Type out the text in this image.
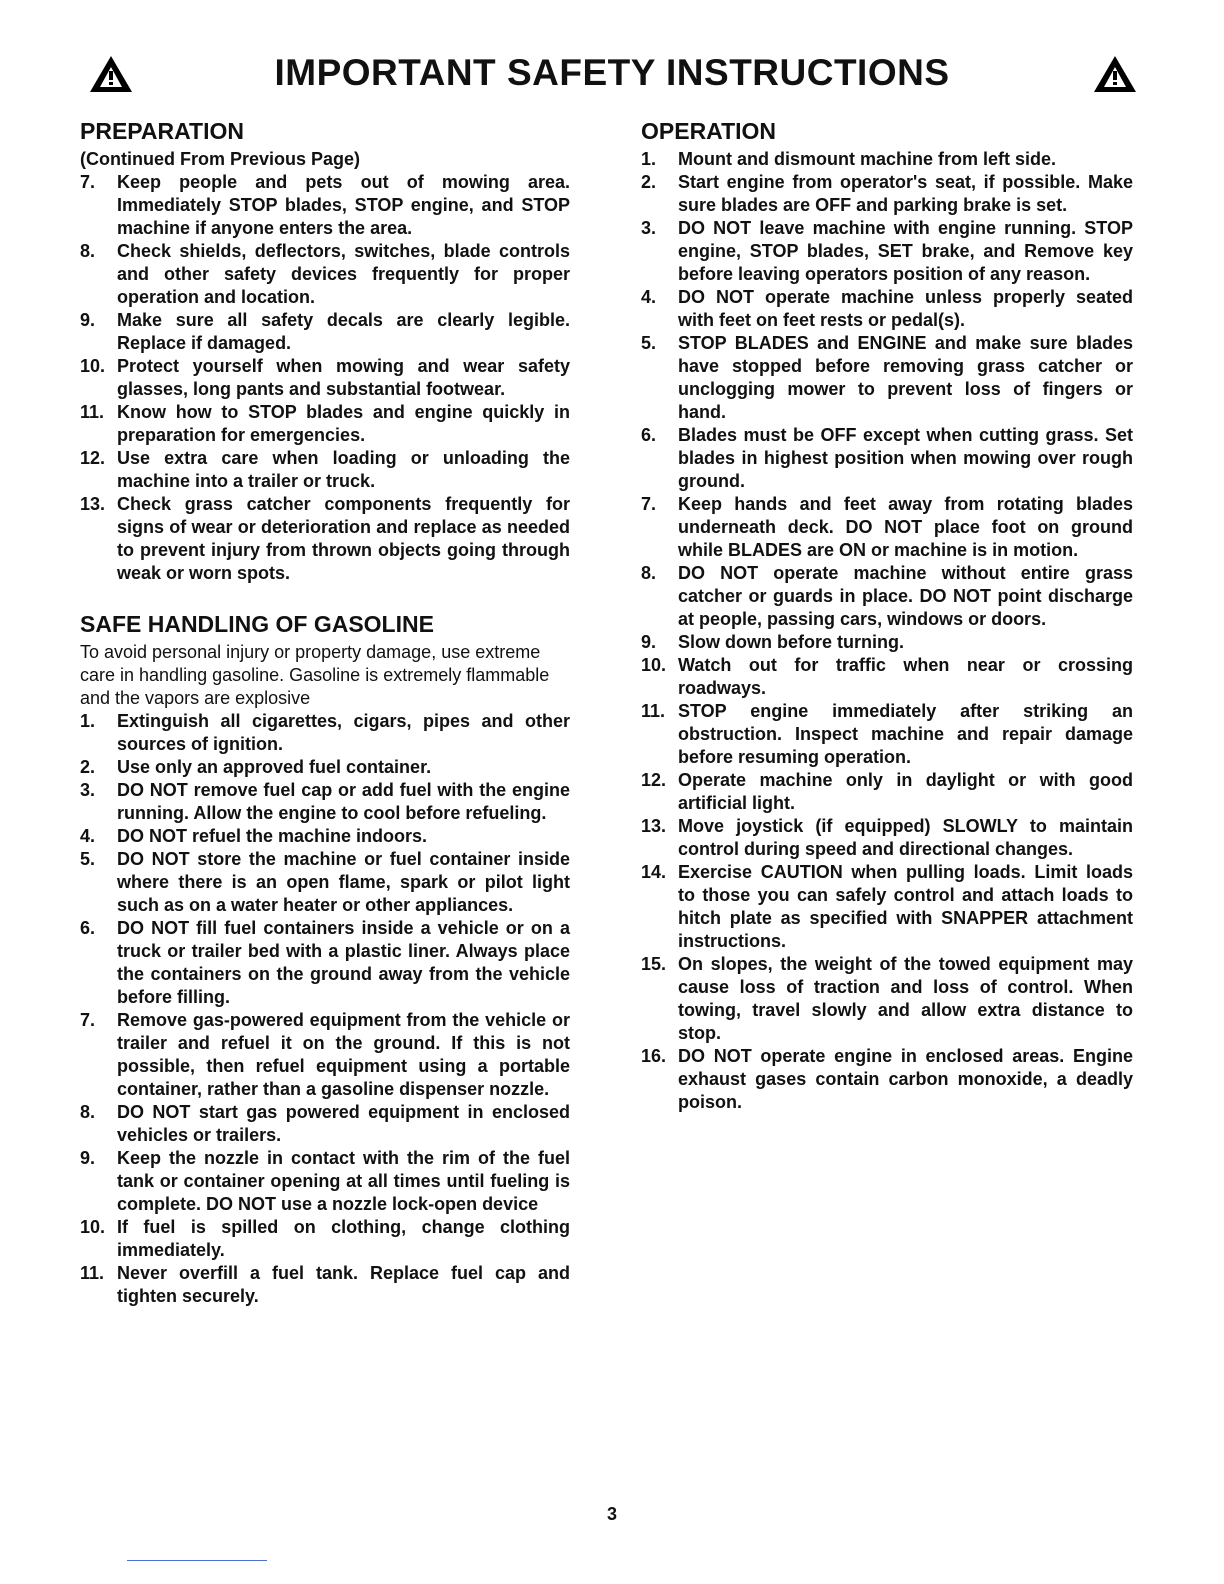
IMPORTANT SAFETY INSTRUCTIONS
PREPARATION
(Continued From Previous Page)
7.	Keep people and pets out of mowing area. Immediately STOP blades, STOP engine, and STOP machine if anyone enters the area.
8.	Check shields, deflectors, switches, blade controls and other safety devices frequently for proper operation and location.
9.	Make sure all safety decals are clearly legible. Replace if damaged.
10. Protect yourself when mowing and wear safety glasses, long pants and substantial footwear.
11. Know how to STOP blades and engine quickly in preparation for emergencies.
12. Use extra care when loading or unloading the machine into a trailer or truck.
13. Check grass catcher components frequently for signs of wear or deterioration and replace as needed to prevent injury from thrown objects going through weak or worn spots.
SAFE HANDLING OF GASOLINE
To avoid personal injury or property damage, use extreme care in handling gasoline. Gasoline is extremely flammable and the vapors are explosive
1.	Extinguish all cigarettes, cigars, pipes and other sources of ignition.
2.	Use only an approved fuel container.
3.	DO NOT remove fuel cap or add fuel with the engine running. Allow the engine to cool before refueling.
4.	DO NOT refuel the machine indoors.
5.	DO NOT store the machine or fuel container inside where there is an open flame, spark or pilot light such as on a water heater or other appliances.
6.	DO NOT fill fuel containers inside a vehicle or on a truck or trailer bed with a plastic liner. Always place the containers on the ground away from the vehicle before filling.
7.	Remove gas-powered equipment from the vehicle or trailer and refuel it on the ground. If this is not possible, then refuel equipment using a portable container, rather than a gasoline dispenser nozzle.
8.	DO NOT start gas powered equipment in enclosed vehicles or trailers.
9.	Keep the nozzle in contact with the rim of the fuel tank or container opening at all times until fueling is complete. DO NOT use a nozzle lock-open device
10. If fuel is spilled on clothing, change clothing immediately.
11. Never overfill a fuel tank. Replace fuel cap and tighten securely.
OPERATION
1.	Mount and dismount machine from left side.
2.	Start engine from operator's seat, if possible. Make sure blades are OFF and parking brake is set.
3.	DO NOT leave machine with engine running. STOP engine, STOP blades, SET brake, and Remove key before leaving operators position of any reason.
4.	DO NOT operate machine unless properly seated with feet on feet rests or pedal(s).
5.	STOP BLADES and ENGINE and make sure blades have stopped before removing grass catcher or unclogging mower to prevent loss of fingers or hand.
6.	Blades must be OFF except when cutting grass. Set blades in highest position when mowing over rough ground.
7.	Keep hands and feet away from rotating blades underneath deck. DO NOT place foot on ground while BLADES are ON or machine is in motion.
8.	DO NOT operate machine without entire grass catcher or guards in place. DO NOT point discharge at people, passing cars, windows or doors.
9.	Slow down before turning.
10. Watch out for traffic when near or crossing roadways.
11. STOP engine immediately after striking an obstruction. Inspect machine and repair damage before resuming operation.
12. Operate machine only in daylight or with good artificial light.
13. Move joystick (if equipped) SLOWLY to maintain control during speed and directional changes.
14. Exercise CAUTION when pulling loads. Limit loads to those you can safely control and attach loads to hitch plate as specified with SNAPPER attachment instructions.
15. On slopes, the weight of the towed equipment may cause loss of traction and loss of control. When towing, travel slowly and allow extra distance to stop.
16. DO NOT operate engine in enclosed areas. Engine exhaust gases contain carbon monoxide, a deadly poison.
3
